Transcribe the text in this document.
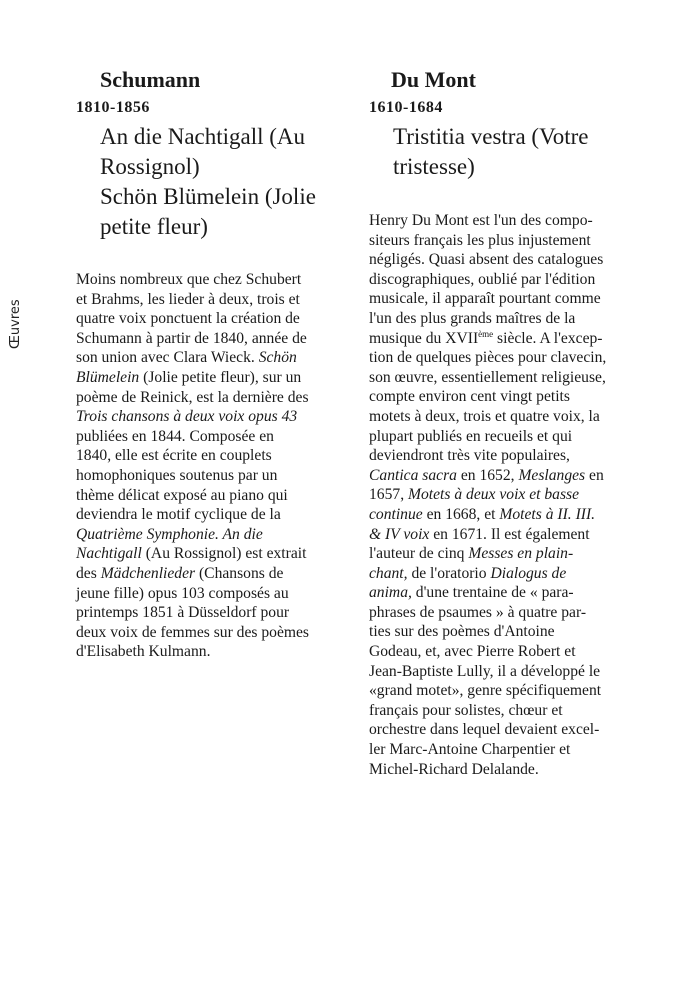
Œuvres
Schumann
1810-1856
An die Nachtigall (Au
Rossignol)
Schön Blümelein (Jolie
petite fleur)

Moins nombreux que chez Schubert
et Brahms, les lieder à deux, trois et
quatre voix ponctuent la création de
Schumann à partir de 1840, année de
son union avec Clara Wieck. Schön
Blümelein (Jolie petite fleur), sur un
poème de Reinick, est la dernière des
Trois chansons à deux voix opus 43
publiées en 1844. Composée en
1840, elle est écrite en couplets
homophoniques soutenus par un
thème délicat exposé au piano qui
deviendra le motif cyclique de la
Quatrième Symphonie. An die
Nachtigall (Au Rossignol) est extrait
des Mädchenlieder (Chansons de
jeune fille) opus 103 composés au
printemps 1851 à Düsseldorf pour
deux voix de femmes sur des poèmes
d'Elisabeth Kulmann.

Du Mont
1610-1684
Tristitia vestra (Votre
tristesse)

Henry Du Mont est l'un des compo-
siteurs français les plus injustement
négligés. Quasi absent des catalogues
discographiques, oublié par l'édition
musicale, il apparaît pourtant comme
l'un des plus grands maîtres de la
musique du XVIIème siècle. A l'excep-
tion de quelques pièces pour clavecin,
son œuvre, essentiellement religieuse,
compte environ cent vingt petits
motets à deux, trois et quatre voix, la
plupart publiés en recueils et qui
deviendront très vite populaires,
Cantica sacra en 1652, Meslanges en
1657, Motets à deux voix et basse
continue en 1668, et Motets à II. III.
& IV voix en 1671. Il est également
l'auteur de cinq Messes en plain-
chant, de l'oratorio Dialogus de
anima, d'une trentaine de « para-
phrases de psaumes » à quatre par-
ties sur des poèmes d'Antoine
Godeau, et, avec Pierre Robert et
Jean-Baptiste Lully, il a développé le
«grand motet», genre spécifiquement
français pour solistes, chœur et
orchestre dans lequel devaient excel-
ler Marc-Antoine Charpentier et
Michel-Richard Delalande.
